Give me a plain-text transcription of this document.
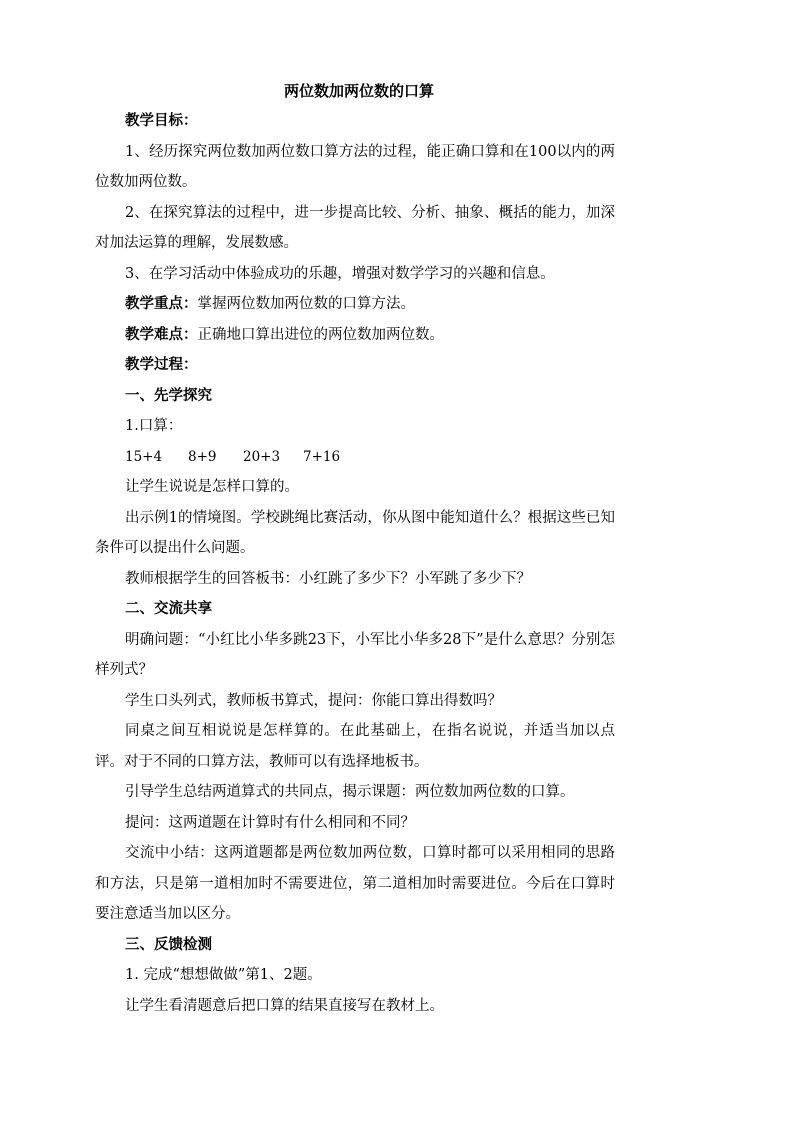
两位数加两位数的口算

教学目标：

1、经历探究两位数加两位数口算方法的过程，能正确口算和在100以内的两位数加两位数。

2、在探究算法的过程中，进一步提高比较、分析、抽象、概括的能力，加深对加法运算的理解，发展数感。

3、在学习活动中体验成功的乐趣，增强对数学学习的兴趣和信息。

教学重点：掌握两位数加两位数的口算方法。

教学难点：正确地口算出进位的两位数加两位数。

教学过程：

一、先学探究

1.口算：

15+4 8+9 20+3 7+16

让学生说说是怎样口算的。

出示例1的情境图。学校跳绳比赛活动，你从图中能知道什么？根据这些已知条件可以提出什么问题。

教师根据学生的回答板书：小红跳了多少下？小军跳了多少下？

二、交流共享

明确问题：“小红比小华多跳23下，小军比小华多28下”是什么意思？分别怎样列式？

学生口头列式，教师板书算式，提问：你能口算出得数吗？

同桌之间互相说说是怎样算的。在此基础上，在指名说说，并适当加以点评。对于不同的口算方法，教师可以有选择地板书。

引导学生总结两道算式的共同点，揭示课题：两位数加两位数的口算。

提问：这两道题在计算时有什么相同和不同？

交流中小结：这两道题都是两位数加两位数，口算时都可以采用相同的思路和方法，只是第一道相加时不需要进位，第二道相加时需要进位。今后在口算时要注意适当加以区分。

三、反馈检测

1. 完成“想想做做”第1、2题。

让学生看清题意后把口算的结果直接写在教材上。
